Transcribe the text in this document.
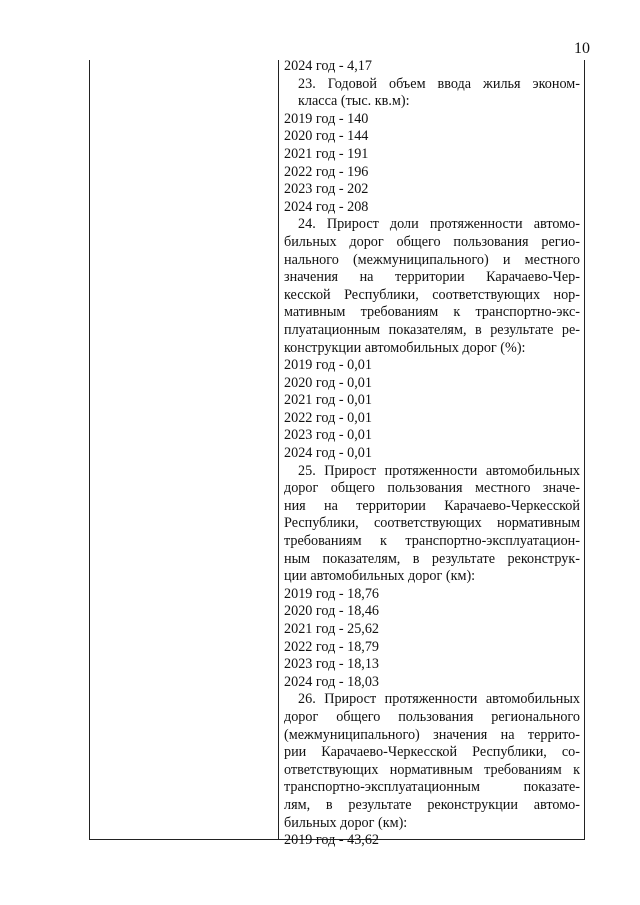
10

2024 год - 4,17

23. Годовой объем ввода жилья эконом-

класса (тыс. кв.м):

2019 год - 140

2020 год - 144

2021 год - 191

2022 год - 196

2023 год - 202

2024 год - 208

24. Прирост доли протяженности автомо-

бильных дорог общего пользования регио-

нального (межмуниципального) и местного

значения на территории Карачаево-Чер-

кесской Республики, соответствующих нор-

мативным требованиям к транспортно-экс-

плуатационным показателям, в результате ре-

конструкции автомобильных дорог (%):

2019 год - 0,01

2020 год - 0,01

2021 год - 0,01

2022 год - 0,01

2023 год - 0,01

2024 год - 0,01

25. Прирост протяженности автомобильных

дорог общего пользования местного значе-

ния на территории Карачаево-Черкесской

Республики, соответствующих нормативным

требованиям к транспортно-эксплуатацион-

ным показателям, в результате реконструк-

ции автомобильных дорог (км):

2019 год - 18,76

2020 год - 18,46

2021 год - 25,62

2022 год - 18,79

2023 год - 18,13

2024 год - 18,03

26. Прирост протяженности автомобильных

дорог общего пользования регионального

(межмуниципального) значения на террито-

рии Карачаево-Черкесской Республики, со-

ответствующих нормативным требованиям к

транспортно-эксплуатационным показате-

лям, в результате реконструкции автомо-

бильных дорог (км):

2019 год - 43,62
